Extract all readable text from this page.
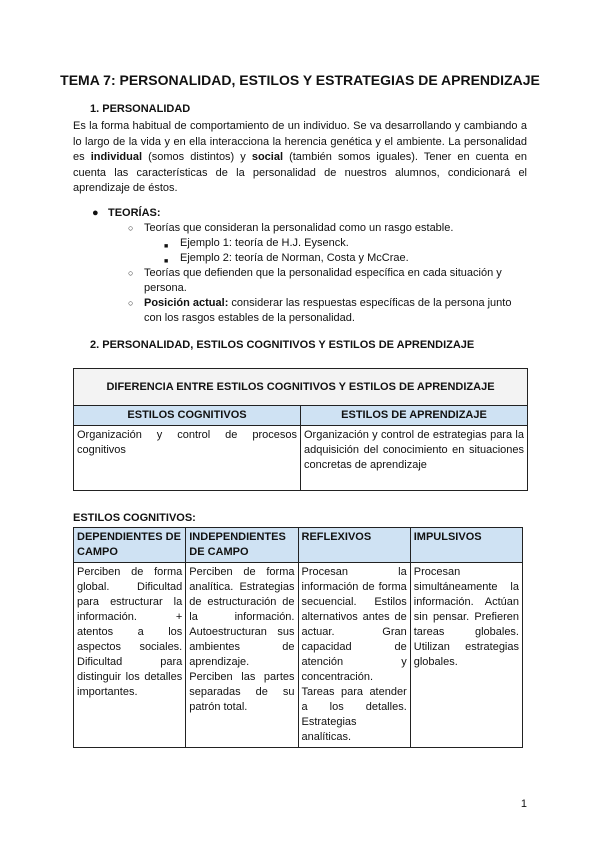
TEMA 7: PERSONALIDAD, ESTILOS Y ESTRATEGIAS DE APRENDIZAJE
1. PERSONALIDAD
Es la forma habitual de comportamiento de un individuo. Se va desarrollando y cambiando a lo largo de la vida y en ella interacciona la herencia genética y el ambiente. La personalidad es individual (somos distintos) y social (también somos iguales). Tener en cuenta en cuenta las características de la personalidad de nuestros alumnos, condicionará el aprendizaje de éstos.
● TEORÍAS:
○ Teorías que consideran la personalidad como un rasgo estable.
■ Ejemplo 1: teoría de H.J. Eysenck.
■ Ejemplo 2: teoría de Norman, Costa y McCrae.
○ Teorías que defienden que la personalidad específica en cada situación y persona.
○ Posición actual: considerar las respuestas específicas de la persona junto con los rasgos estables de la personalidad.
2. PERSONALIDAD, ESTILOS COGNITIVOS Y ESTILOS DE APRENDIZAJE
DIFERENCIA ENTRE ESTILOS COGNITIVOS Y ESTILOS DE APRENDIZAJE	
ESTILOS COGNITIVOS	ESTILOS DE APRENDIZAJE
Organización y control de procesos cognitivos	Organización y control de estrategias para la adquisición del conocimiento en situaciones concretas de aprendizaje
ESTILOS COGNITIVOS:
DEPENDIENTES DE CAMPO	INDEPENDIENTES DE CAMPO	REFLEXIVOS	IMPULSIVOS
Perciben de forma global. Dificultad para estructurar la información. + atentos a los aspectos sociales. Dificultad para distinguir los detalles importantes.	Perciben de forma analítica. Estrategias de estructuración de la información. Autoestructuran sus ambientes de aprendizaje. Perciben las partes separadas de su patrón total.	Procesan la información de forma secuencial. Estilos alternativos antes de actuar. Gran capacidad de atención y concentración. Tareas para atender a los detalles. Estrategias analíticas.	Procesan simultáneamente la información. Actúan sin pensar. Prefieren tareas globales. Utilizan estrategias globales.
1
